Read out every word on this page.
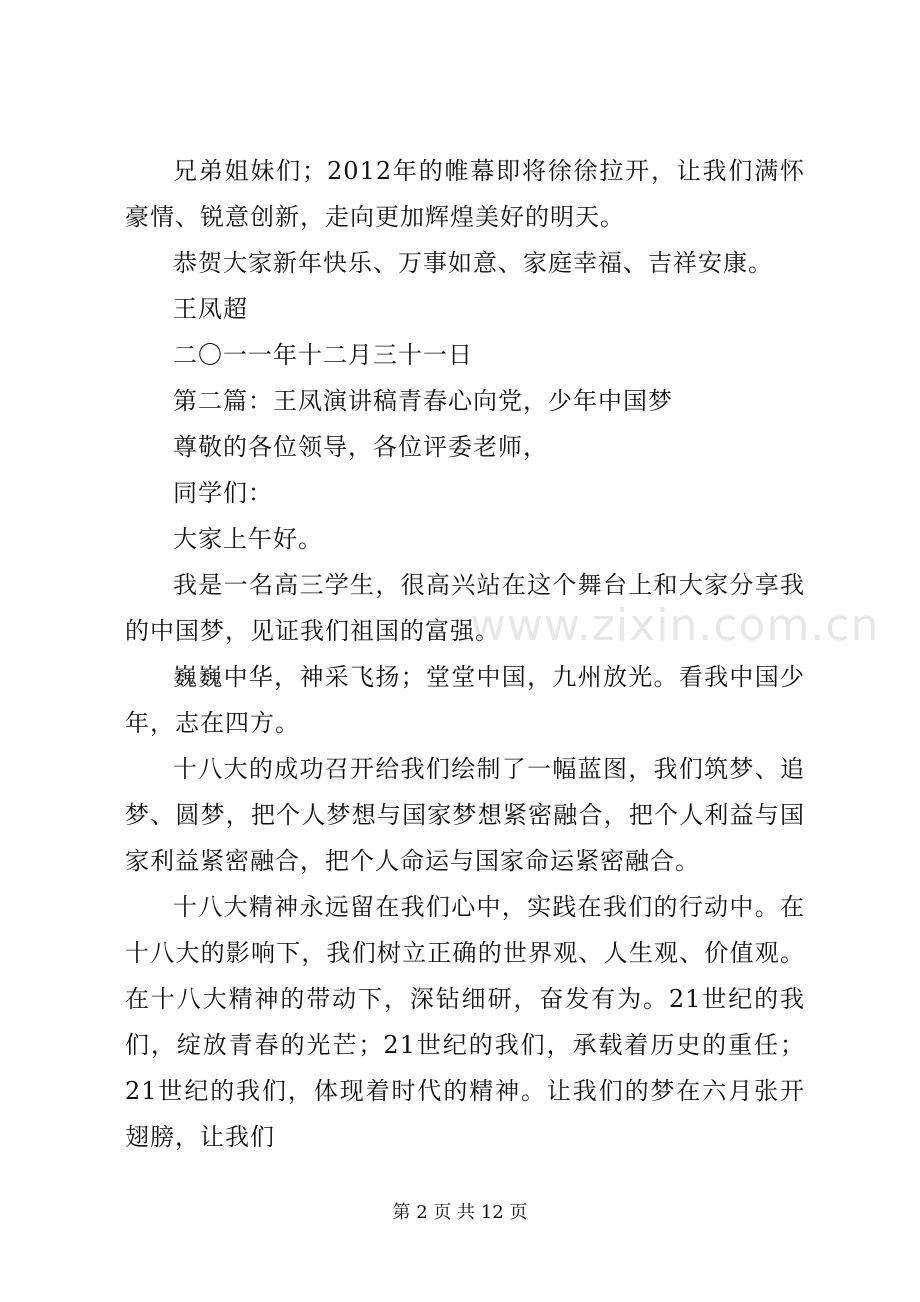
兄弟姐妹们；2012年的帷幕即将徐徐拉开，让我们满怀豪情、锐意创新，走向更加辉煌美好的明天。

恭贺大家新年快乐、万事如意、家庭幸福、吉祥安康。

王凤超

二〇一一年十二月三十一日

第二篇：王凤演讲稿青春心向党，少年中国梦

尊敬的各位领导，各位评委老师，

同学们：

大家上午好。

我是一名高三学生，很高兴站在这个舞台上和大家分享我的中国梦，见证我们祖国的富强。

巍巍中华，神采飞扬；堂堂中国，九州放光。看我中国少年，志在四方。

十八大的成功召开给我们绘制了一幅蓝图，我们筑梦、追梦、圆梦，把个人梦想与国家梦想紧密融合，把个人利益与国家利益紧密融合，把个人命运与国家命运紧密融合。

十八大精神永远留在我们心中，实践在我们的行动中。在十八大的影响下，我们树立正确的世界观、人生观、价值观。在十八大精神的带动下，深钻细研，奋发有为。21世纪的我们，绽放青春的光芒；21世纪的我们，承载着历史的重任；21世纪的我们，体现着时代的精神。让我们的梦在六月张开翅膀，让我们

www.zixin.com.cn
第 2 页 共 12 页
